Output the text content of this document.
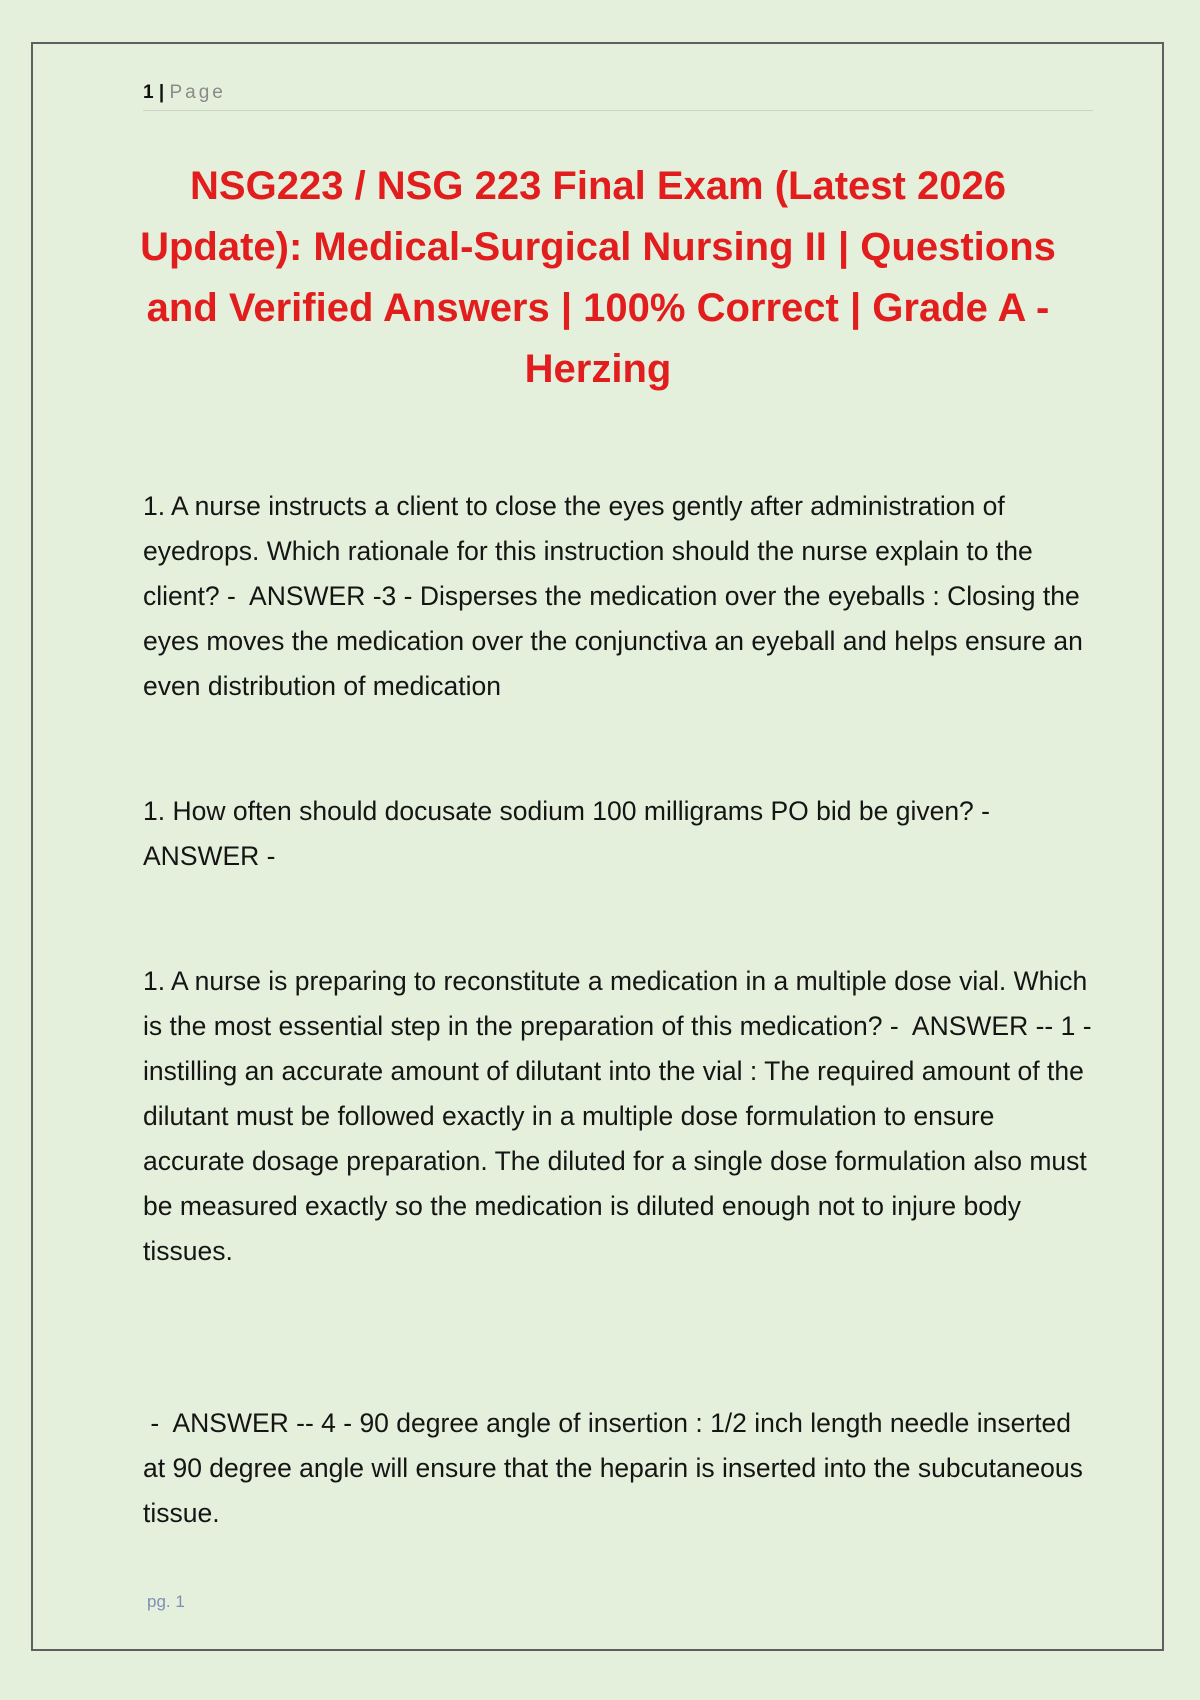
1 | Page
NSG223 / NSG 223 Final Exam (Latest 2026 Update): Medical-Surgical Nursing II | Questions and Verified Answers | 100% Correct | Grade A - Herzing

1. A nurse instructs a client to close the eyes gently after administration of eyedrops. Which rationale for this instruction should the nurse explain to the client? -  ANSWER -3 - Disperses the medication over the eyeballs : Closing the eyes moves the medication over the conjunctiva an eyeball and helps ensure an even distribution of medication

1. How often should docusate sodium 100 milligrams PO bid be given? - ANSWER -

1. A nurse is preparing to reconstitute a medication in a multiple dose vial. Which is the most essential step in the preparation of this medication? -  ANSWER -- 1 - instilling an accurate amount of dilutant into the vial : The required amount of the dilutant must be followed exactly in a multiple dose formulation to ensure accurate dosage preparation. The diluted for a single dose formulation also must be measured exactly so the medication is diluted enough not to injure body tissues.

-  ANSWER -- 4 - 90 degree angle of insertion : 1/2 inch length needle inserted at 90 degree angle will ensure that the heparin is inserted into the subcutaneous tissue.

pg. 1
